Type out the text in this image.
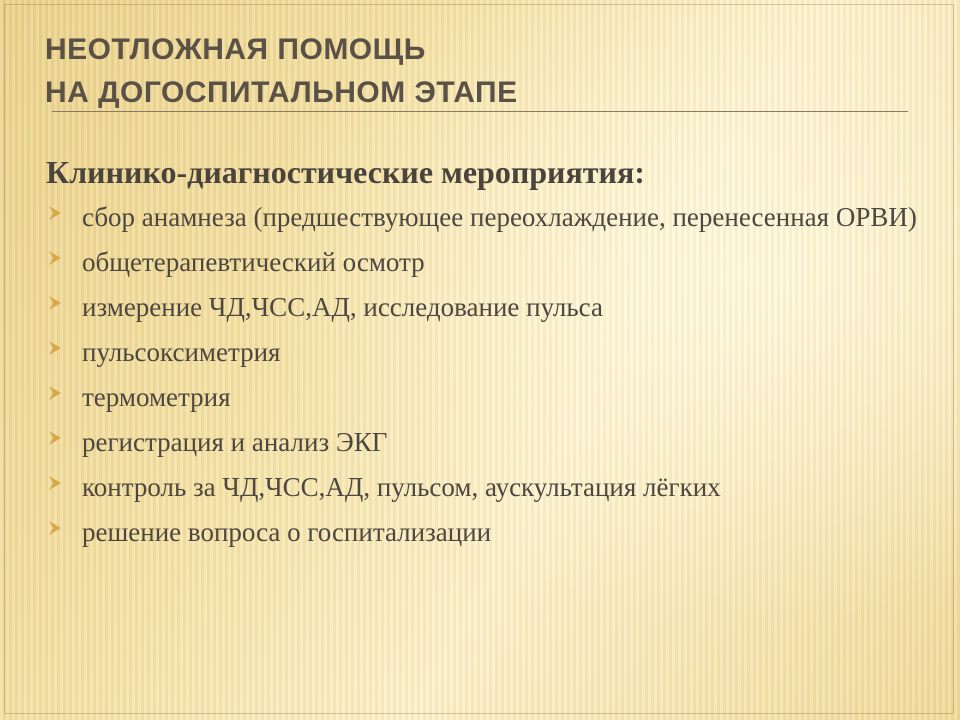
НЕОТЛОЖНАЯ ПОМОЩЬ
НА ДОГОСПИТАЛЬНОМ ЭТАПЕ
Клинико-диагностические мероприятия:
сбор анамнеза (предшествующее переохлаждение, перенесенная ОРВИ)
общетерапевтический осмотр
измерение ЧД,ЧСС,АД, исследование пульса
пульсоксиметрия
термометрия
регистрация и анализ ЭКГ
контроль за ЧД,ЧСС,АД, пульсом, аускультация лёгких
решение вопроса о госпитализации
